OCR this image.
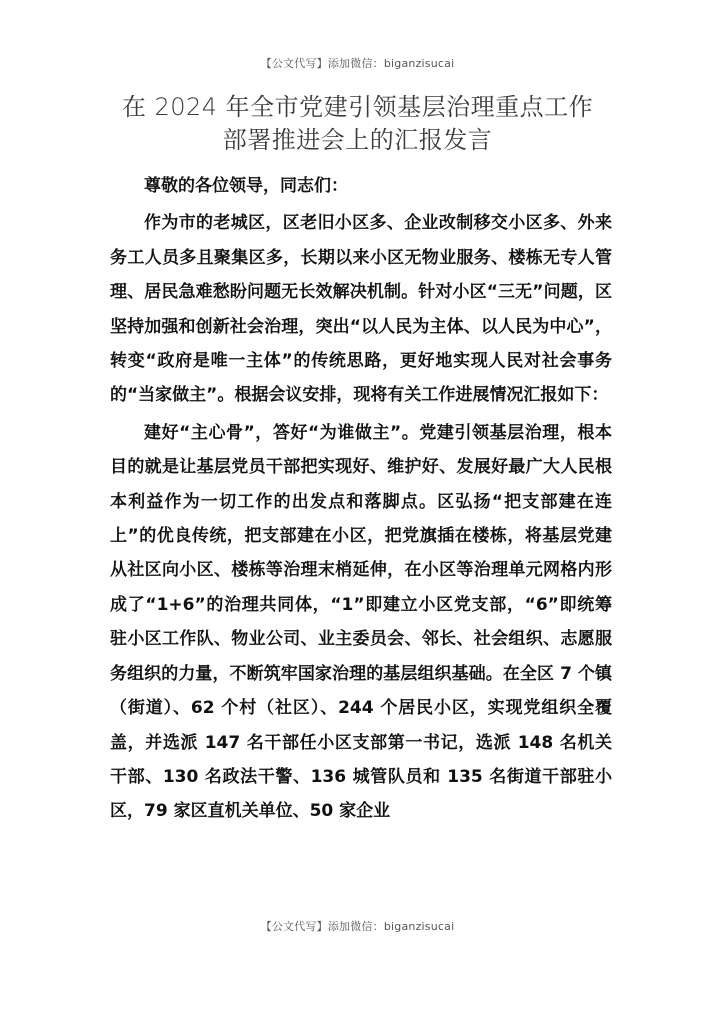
【公文代写】添加微信：biganzisucai
在 2024 年全市党建引领基层治理重点工作
部署推进会上的汇报发言

尊敬的各位领导，同志们：

作为市的老城区，区老旧小区多、企业改制移交小区多、外来务工人员多且聚集区多，长期以来小区无物业服务、楼栋无专人管理、居民急难愁盼问题无长效解决机制。针对小区“三无”问题，区坚持加强和创新社会治理，突出“以人民为主体、以人民为中心”，转变“政府是唯一主体”的传统思路，更好地实现人民对社会事务的“当家做主”。根据会议安排，现将有关工作进展情况汇报如下：

建好“主心骨”，答好“为谁做主”。党建引领基层治理，根本目的就是让基层党员干部把实现好、维护好、发展好最广大人民根本利益作为一切工作的出发点和落脚点。区弘扬“把支部建在连上”的优良传统，把支部建在小区，把党旗插在楼栋，将基层党建从社区向小区、楼栋等治理末梢延伸，在小区等治理单元网格内形成了“1+6”的治理共同体，“1”即建立小区党支部，“6”即统筹驻小区工作队、物业公司、业主委员会、邻长、社会组织、志愿服务组织的力量，不断筑牢国家治理的基层组织基础。在全区 7 个镇（街道）、62 个村（社区）、244 个居民小区，实现党组织全覆盖，并选派 147 名干部任小区支部第一书记，选派 148 名机关干部、130 名政法干警、136 城管队员和 135 名街道干部驻小区，79 家区直机关单位、50 家企业

【公文代写】添加微信：biganzisucai
